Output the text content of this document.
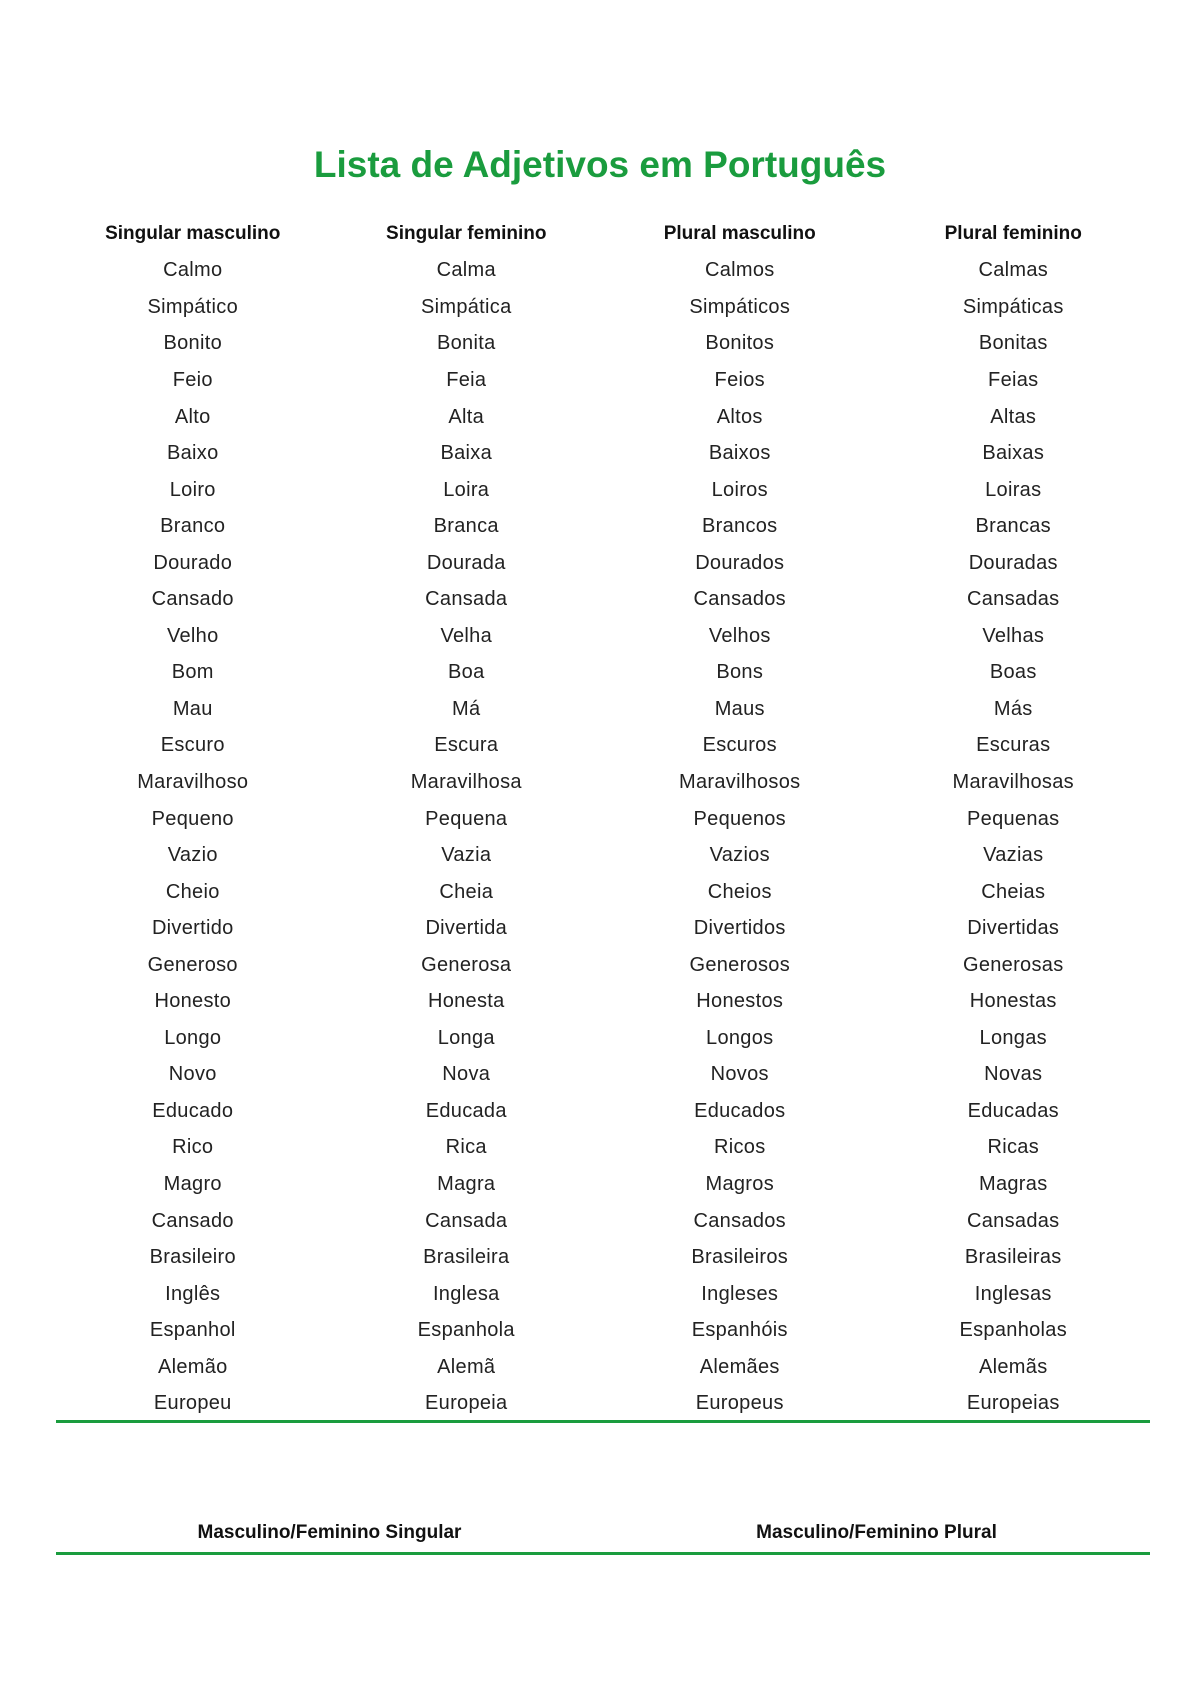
Lista de Adjetivos em Português
Singular masculino	Singular feminino	Plural masculino	Plural feminino
Calmo	Calma	Calmos	Calmas
Simpático	Simpática	Simpáticos	Simpáticas
Bonito	Bonita	Bonitos	Bonitas
Feio	Feia	Feios	Feias
Alto	Alta	Altos	Altas
Baixo	Baixa	Baixos	Baixas
Loiro	Loira	Loiros	Loiras
Branco	Branca	Brancos	Brancas
Dourado	Dourada	Dourados	Douradas
Cansado	Cansada	Cansados	Cansadas
Velho	Velha	Velhos	Velhas
Bom	Boa	Bons	Boas
Mau	Má	Maus	Más
Escuro	Escura	Escuros	Escuras
Maravilhoso	Maravilhosa	Maravilhosos	Maravilhosas
Pequeno	Pequena	Pequenos	Pequenas
Vazio	Vazia	Vazios	Vazias
Cheio	Cheia	Cheios	Cheias
Divertido	Divertida	Divertidos	Divertidas
Generoso	Generosa	Generosos	Generosas
Honesto	Honesta	Honestos	Honestas
Longo	Longa	Longos	Longas
Novo	Nova	Novos	Novas
Educado	Educada	Educados	Educadas
Rico	Rica	Ricos	Ricas
Magro	Magra	Magros	Magras
Cansado	Cansada	Cansados	Cansadas
Brasileiro	Brasileira	Brasileiros	Brasileiras
Inglês	Inglesa	Ingleses	Inglesas
Espanhol	Espanhola	Espanhóis	Espanholas
Alemão	Alemã	Alemães	Alemãs
Europeu	Europeia	Europeus	Europeias
Masculino/Feminino Singular	Masculino/Feminino Plural
